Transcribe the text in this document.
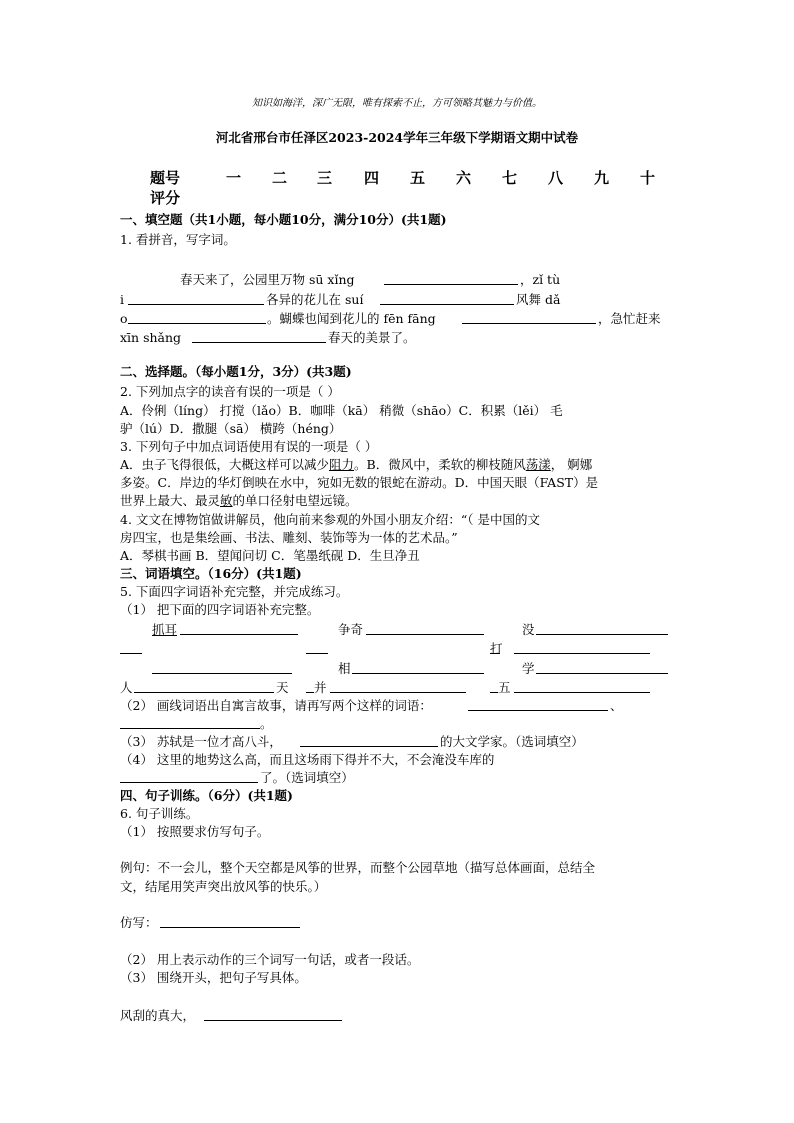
知识如海洋，深广无限，唯有探索不止，方可领略其魅力与价值。
河北省邢台市任泽区2023-2024学年三年级下学期语文期中试卷
题号	一 二 三 四 五 六 七 八 九 十
评分
一、填空题（共1小题，每小题10分，满分10分）(共1题)
1. 看拼音，写字词。
春天来了，公园里万物 sū xǐng	，zǐ tù
i	各异的花儿在 suí	风舞 dǎ
o	。蝴蝶也闻到花儿的 fēn fāng	，急忙赶来
xīn shǎng	春天的美景了。
二、选择题。（每小题1分，3分）(共3题)
2. 下列加点字的读音有误的一项是（ ）
A．伶俐（líng） 打搅（lǎo）B．咖啡（kā） 稍微（shāo）C．积累（lěi） 毛
驴（lú）D．撒腿（sā） 横跨（héng）
3. 下列句子中加点词语使用有误的一项是（ ）
A．虫子飞得很低，大概这样可以减少阻力。B．微风中，柔软的柳枝随风荡漾， 婀娜
多姿。C．岸边的华灯倒映在水中，宛如无数的银蛇在游动。D．中国天眼（FAST）是
世界上最大、最灵敏的单口径射电望远镜。
4. 文文在博物馆做讲解员，他向前来参观的外国小朋友介绍：“（ 是中国的文
房四宝，也是集绘画、书法、雕刻、装饰等为一体的艺术品。”
A．琴棋书画 B．望闻问切 C．笔墨纸砚 D．生旦净丑
三、词语填空。（16分）(共1题)
5. 下面四字词语补充完整，并完成练习。
（1） 把下面的四字词语补充完整。
抓耳	争奇	没
打
相	学
人	天 并	五
（2） 画线词语出自寓言故事，请再写两个这样的词语：	、
。
（3） 苏轼是一位才高八斗，	的大文学家。（选词填空）
（4） 这里的地势这么高，而且这场雨下得并不大，不会淹没车库的
了。（选词填空）
四、句子训练。（6分）(共1题)
6. 句子训练。
（1） 按照要求仿写句子。
例句：不一会儿，整个天空都是风筝的世界，而整个公园草地（描写总体画面，总结全
文，结尾用笑声突出放风筝的快乐。）
仿写：
（2） 用上表示动作的三个词写一句话，或者一段话。
（3） 围绕开头，把句子写具体。
风刮的真大，
